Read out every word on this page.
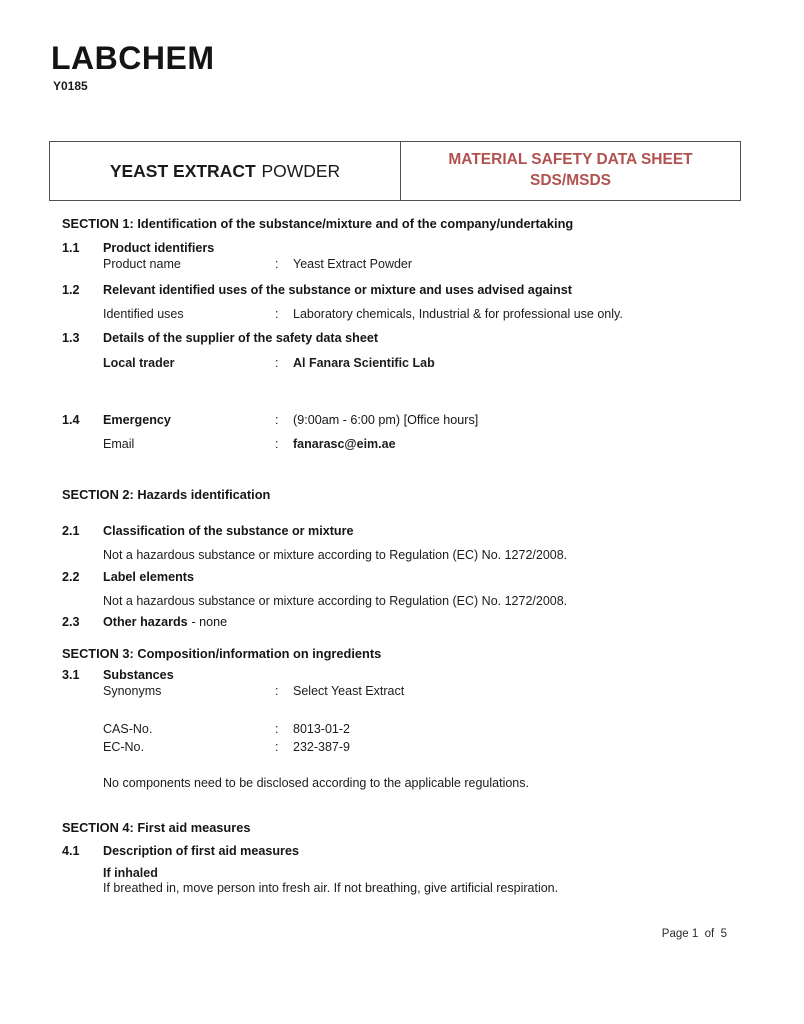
LABCHEM
Y0185
YEAST EXTRACT POWDER
MATERIAL SAFETY DATA SHEET
SDS/MSDS
SECTION 1: Identification of the substance/mixture and of the company/undertaking
1.1	Product identifiers
Product name	:	Yeast Extract Powder
1.2	Relevant identified uses of the substance or mixture and uses advised against
Identified uses	:	Laboratory chemicals, Industrial & for professional use only.
1.3	Details of the supplier of the safety data sheet
Local trader	:	Al Fanara Scientific Lab
1.4	Emergency	:	(9:00am - 6:00 pm) [Office hours]
Email	:	fanarasc@eim.ae
SECTION 2: Hazards identification
2.1	Classification of the substance or mixture
Not a hazardous substance or mixture according to Regulation (EC) No. 1272/2008.
2.2	Label elements
Not a hazardous substance or mixture according to Regulation (EC) No. 1272/2008.
2.3	Other hazards - none
SECTION 3: Composition/information on ingredients
3.1	Substances
Synonyms	:	Select Yeast Extract
CAS-No.	:	8013-01-2
EC-No.	:	232-387-9
No components need to be disclosed according to the applicable regulations.
SECTION 4: First aid measures
4.1	Description of first aid measures
If inhaled
If breathed in, move person into fresh air. If not breathing, give artificial respiration.
Page 1  of  5
